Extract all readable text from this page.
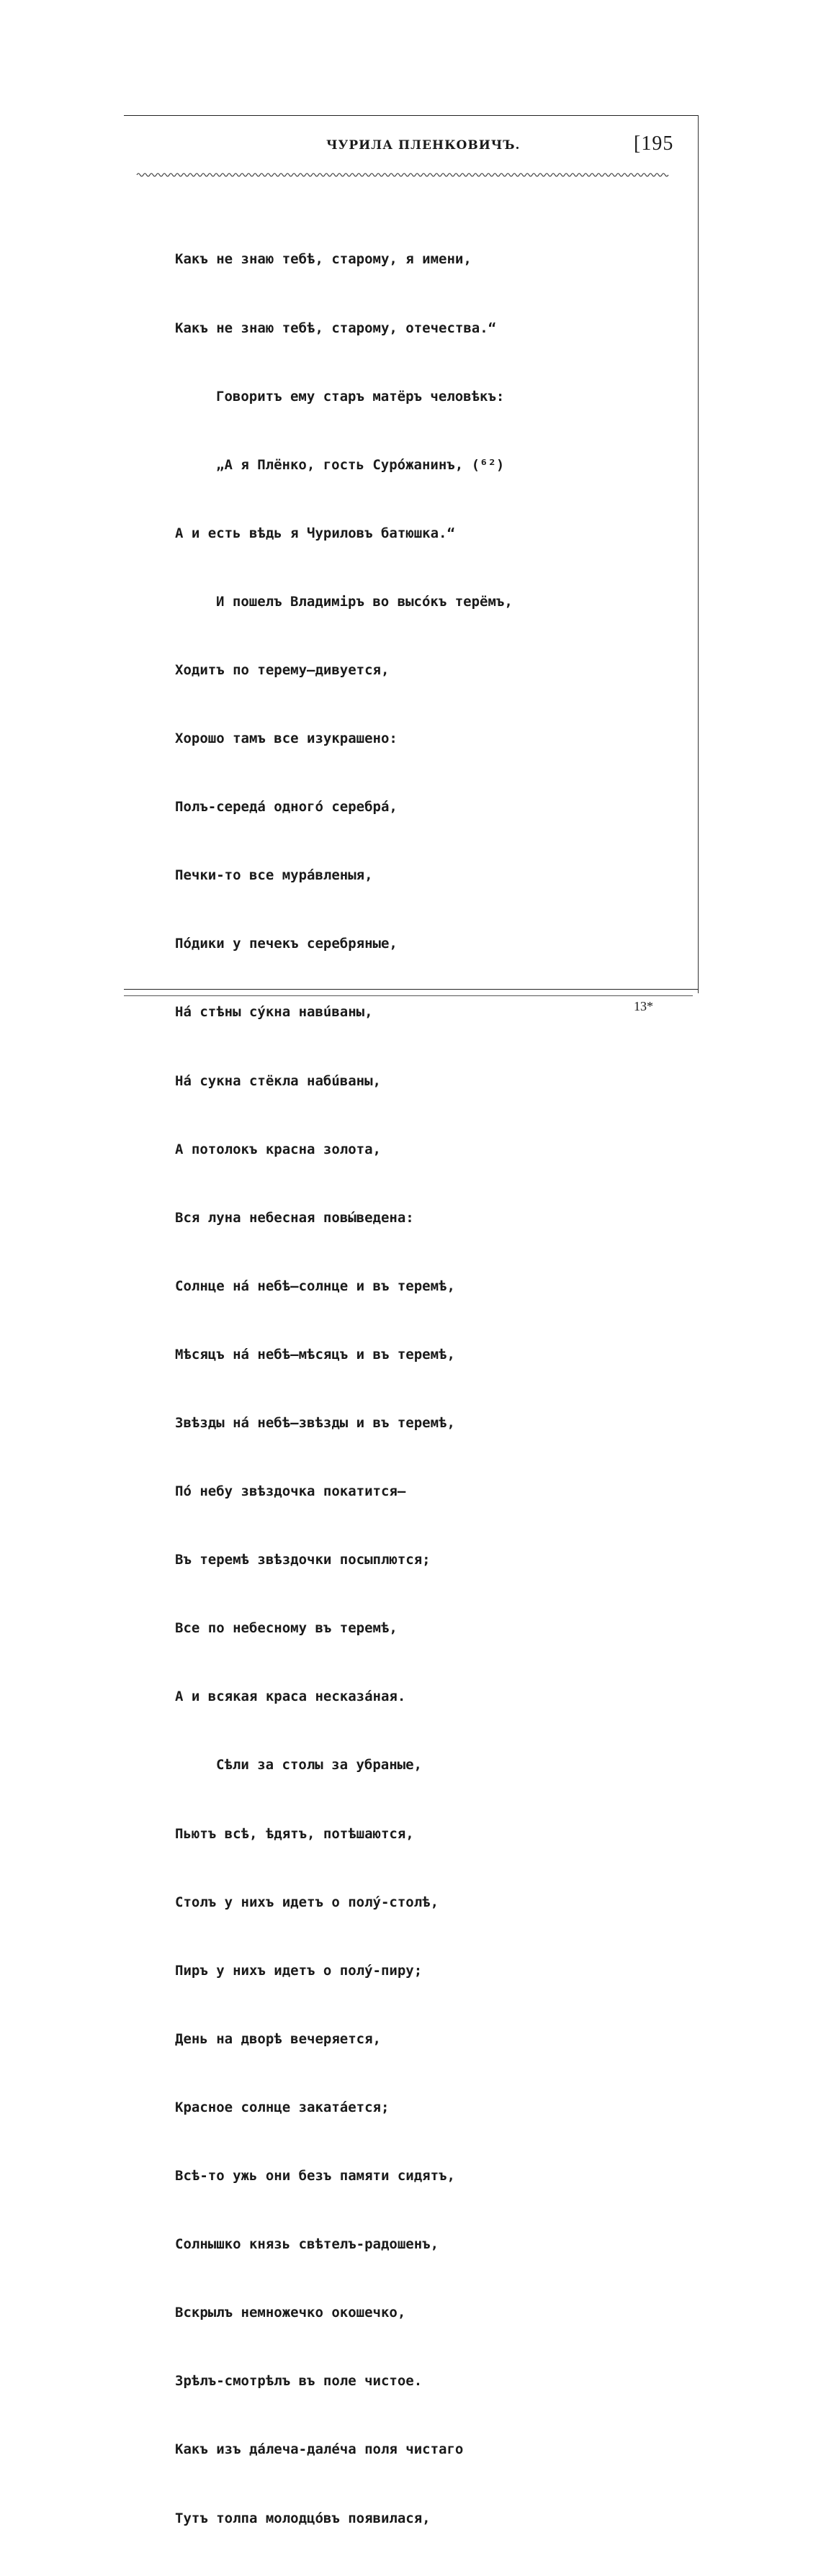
ЧУРИЛА ПЛЕНКОВИЧЪ.	[195

Какъ не знаю тебѣ, старому, я имени,

Какъ не знаю тебѣ, старому, отечества.“

Говоритъ ему старъ матёръ человѣкъ:

„А я Плёнко, гость Сурóжанинъ, (⁶²)

А и есть вѣдь я Чуриловъ батюшка.“

И пошелъ Владиміръ во высóкъ терёмъ,

Ходитъ по терему—дивуется,

Хорошо тамъ все изукрашено:

Полъ-середá одногó серебрá,

Печки-то все мурáвленыя,

Пóдики у печекъ серебряные,

Нá стѣны сýкна навúваны,

Нá сукна стёкла набúваны,

А потолокъ красна золота,

Вся луна небесная повы́ведена:

Солнце нá небѣ—солнце и въ теремѣ,

Мѣсяцъ нá небѣ—мѣсяцъ и въ теремѣ,

Звѣзды нá небѣ—звѣзды и въ теремѣ,

Пó небу звѣздочка покатится—

Въ теремѣ звѣздочки посыплются;

Все по небесному въ теремѣ,

А и всякая краса несказáная.

Сѣли за столы за убраные,

Пьютъ всѣ, ѣдятъ, потѣшаются,

Столъ у нихъ идетъ о полý-столѣ,

Пиръ у нихъ идетъ о полý-пиру;

День на дворѣ вечеряется,

Красное солнце закатáется;

Всѣ-то ужь они безъ памяти сидятъ,

Солнышко князь свѣтелъ-радошенъ,

Вскрылъ немножечко окошечко,

Зрѣлъ-смотрѣлъ въ поле чистое.

Какъ изъ дáлеча-далéча поля чистаго

Тутъ толпа молодцóвъ появилася,

13*
